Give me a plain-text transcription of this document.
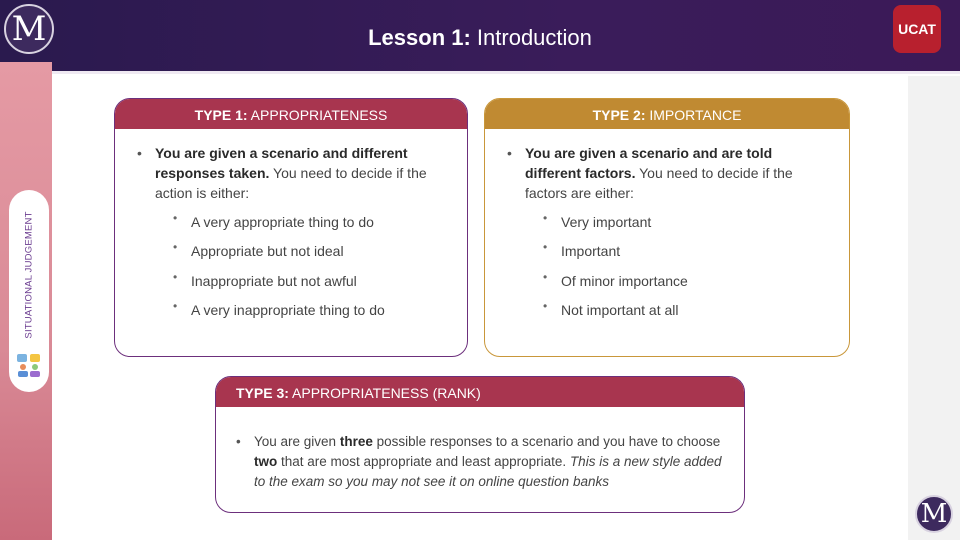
M	Lesson 1: Introduction	UCAT
SITUATIONAL JUDGEMENT
TYPE 1: APPROPRIATENESS
• You are given a scenario and different
responses taken. You need to decide if the
action is either:
• A very appropriate thing to do
• Appropriate but not ideal
• Inappropriate but not awful
• A very inappropriate thing to do
TYPE 2: IMPORTANCE
• You are given a scenario and are told
different factors. You need to decide if the
factors are either:
• Very important
• Important
• Of minor importance
• Not important at all
TYPE 3: APPROPRIATENESS (RANK)
• You are given three possible responses to a scenario and you have to choose
two that are most appropriate and least appropriate. This is a new style added
to the exam so you may not see it on online question banks
M
